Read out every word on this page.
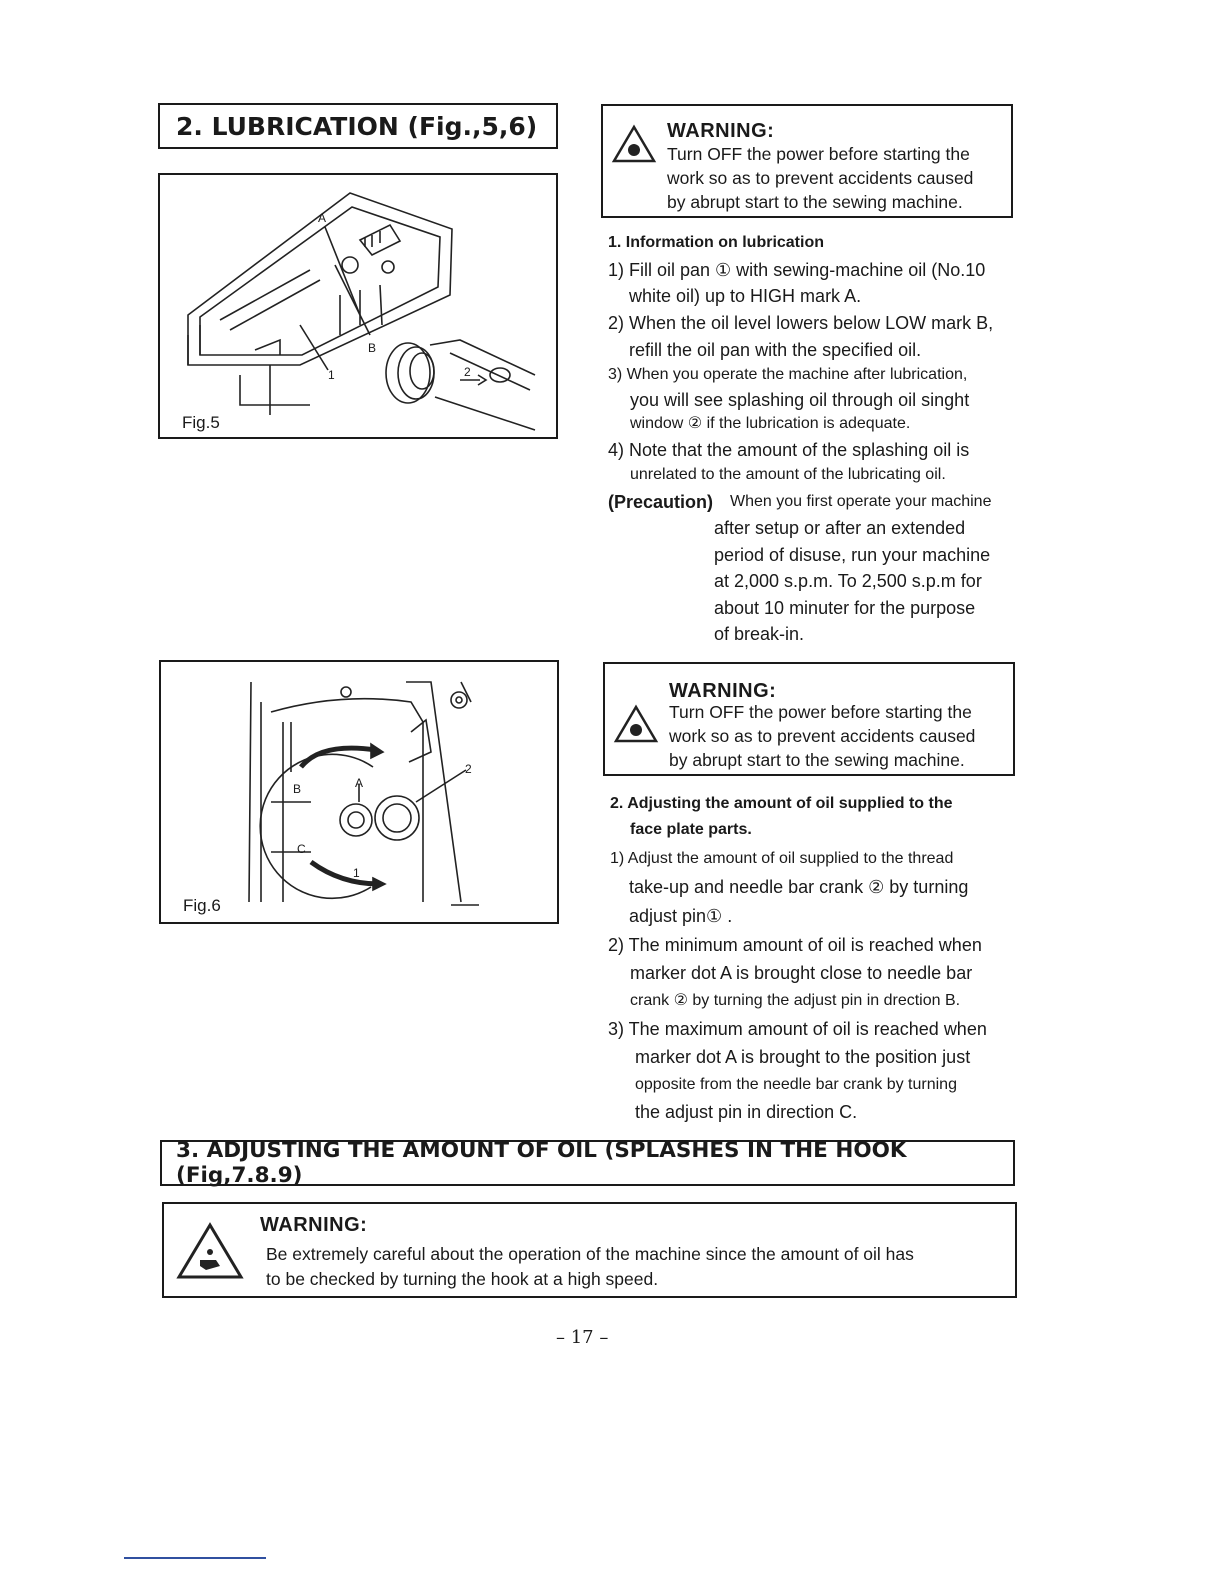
2. LUBRICATION (Fig.,5,6)
A
B
1	2
Fig.5
A
B
C
1
2
Fig.6
WARNING:
Turn OFF the power before starting the
work so as to prevent accidents caused
by abrupt start to the sewing machine.
1. Information on lubrication
1) Fill oil pan ① with sewing-machine oil (No.10
white oil) up to HIGH mark A.
2) When the oil level lowers below LOW mark B,
refill the oil pan with the specified oil.
3) When you operate the machine after lubrication,
you will see splashing oil through oil singht
window ② if the lubrication is adequate.
4) Note that the amount of the splashing oil is
unrelated to the amount of the lubricating oil.
(Precaution) When you first operate your machine
after setup or after an extended
period of disuse, run your machine
at 2,000 s.p.m. To 2,500 s.p.m for
about 10 minuter for the purpose
of break-in.
WARNING:
Turn OFF the power before starting the
work so as to prevent accidents caused
by abrupt start to the sewing machine.
2. Adjusting the amount of oil supplied to the
face plate parts.
1) Adjust the amount of oil supplied to the thread
take-up and needle bar crank ② by turning
adjust pin① .
2) The minimum amount of oil is reached when
marker dot A is brought close to needle bar
crank ② by turning the adjust pin in drection B.
3) The maximum amount of oil is reached when
marker dot A is brought to the position just
opposite from the needle bar crank by turning
the adjust pin in direction C.
3. ADJUSTING THE AMOUNT OF OIL (SPLASHES IN THE HOOK (Fig,7.8.9)
WARNING:
Be extremely careful about the operation of the machine since the amount of oil has
to be checked by turning the hook at a high speed.
– 17 –
